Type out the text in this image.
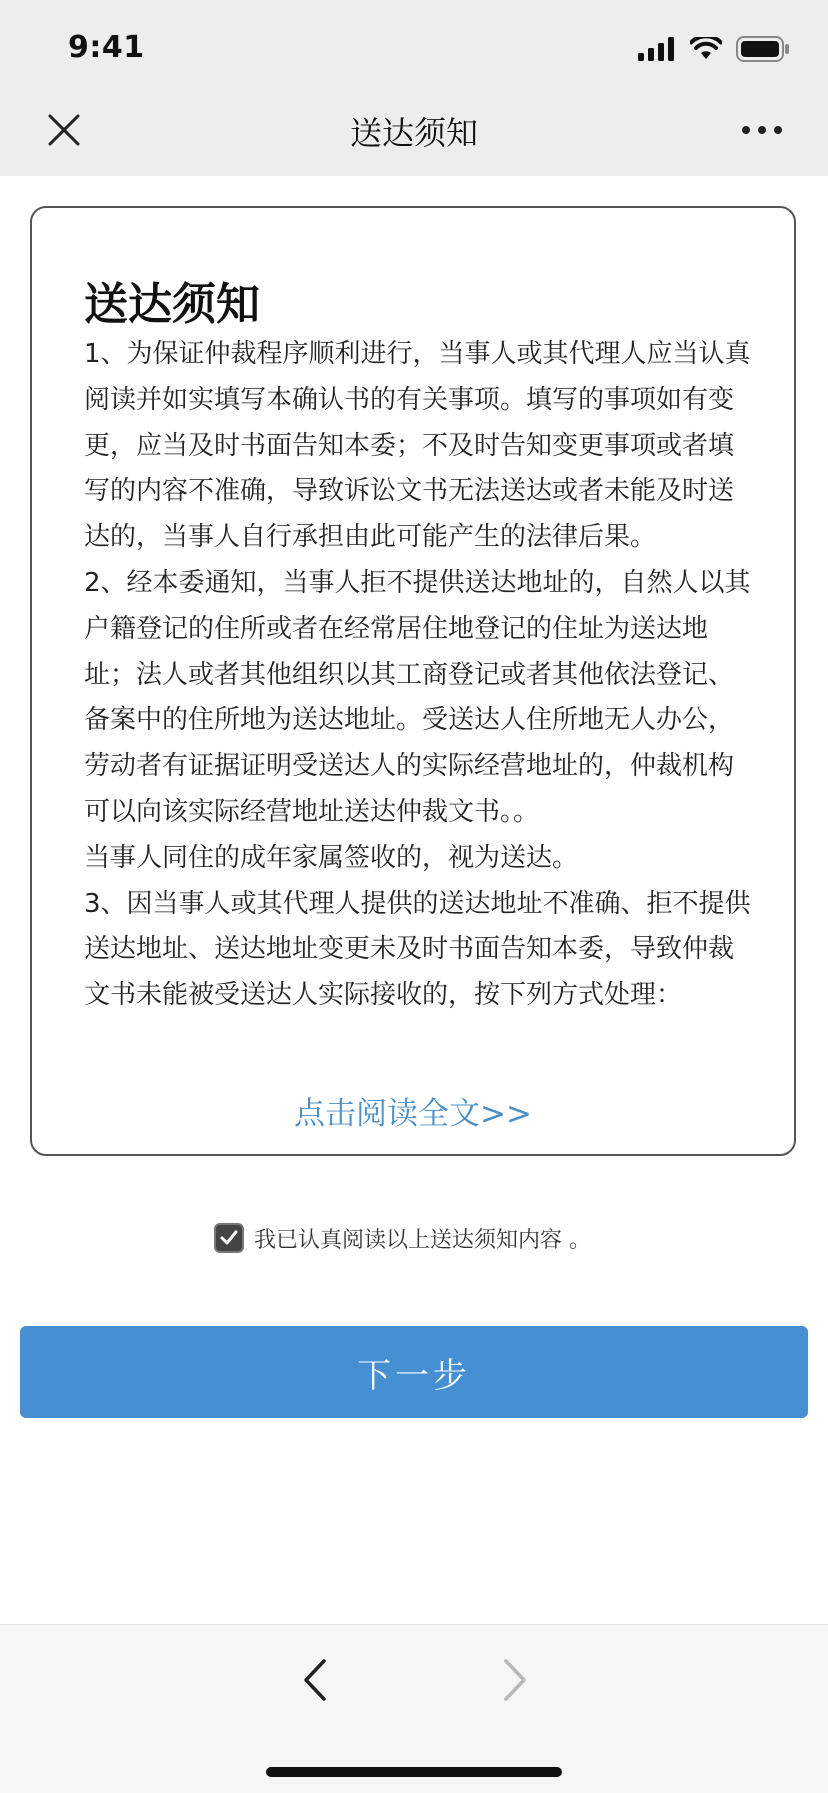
9:41
送达须知
送达须知

1、为保证仲裁程序顺利进行，当事人或其代理人应当认真阅读并如实填写本确认书的有关事项。填写的事项如有变更，应当及时书面告知本委；不及时告知变更事项或者填写的内容不准确，导致诉讼文书无法送达或者未能及时送达的，当事人自行承担由此可能产生的法律后果。

2、经本委通知，当事人拒不提供送达地址的，自然人以其户籍登记的住所或者在经常居住地登记的住址为送达地址；法人或者其他组织以其工商登记或者其他依法登记、备案中的住所地为送达地址。受送达人住所地无人办公，劳动者有证据证明受送达人的实际经营地址的，仲裁机构可以向该实际经营地址送达仲裁文书。。

当事人同住的成年家属签收的，视为送达。

3、因当事人或其代理人提供的送达地址不准确、拒不提供送达地址、送达地址变更未及时书面告知本委，导致仲裁文书未能被受送达人实际接收的，按下列方式处理：

点击阅读全文>>
我已认真阅读以上送达须知内容 。
下一步
